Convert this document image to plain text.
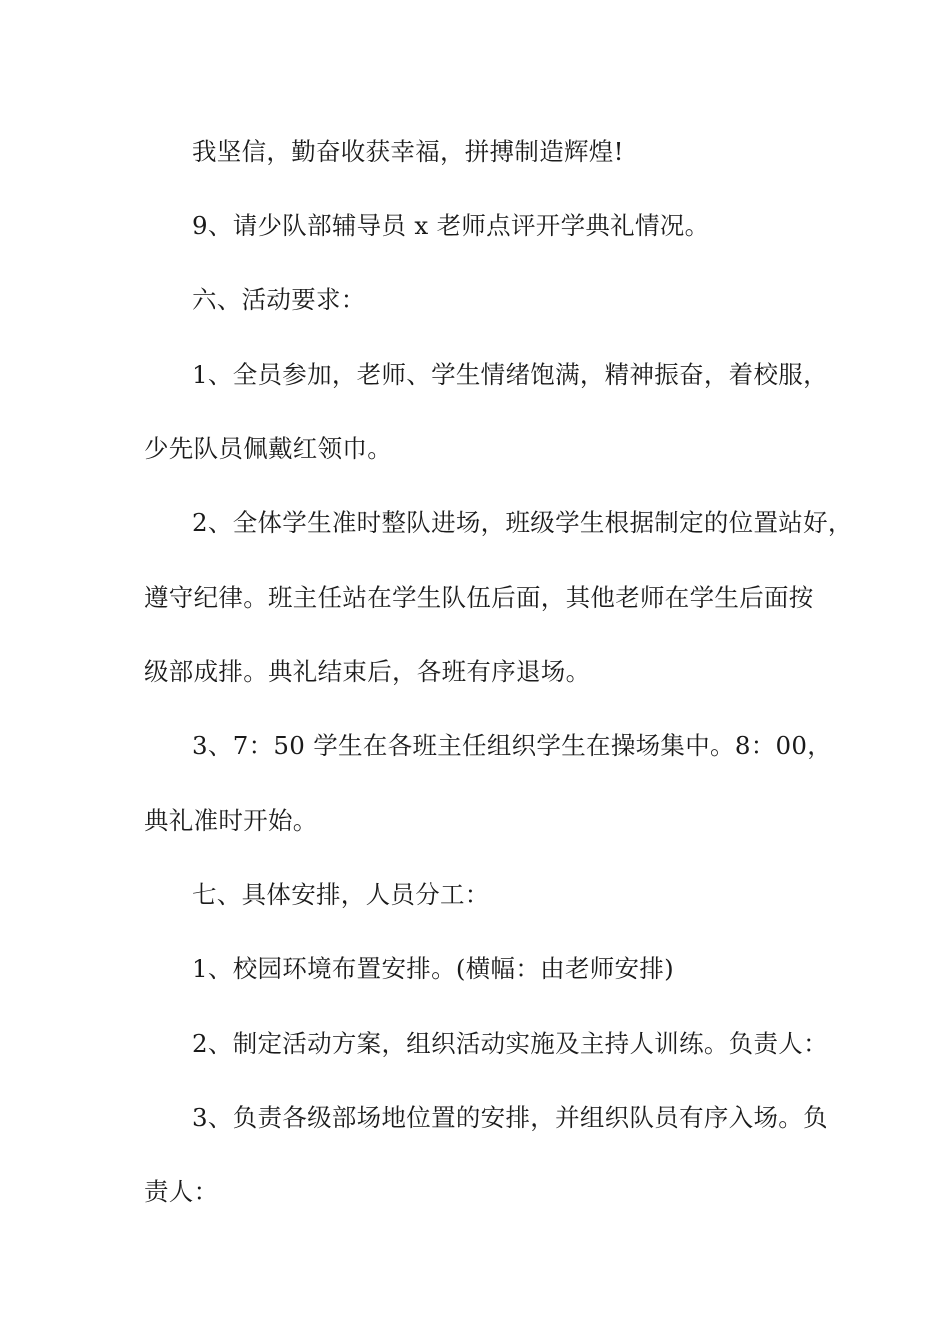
我坚信，勤奋收获幸福，拼搏制造辉煌!
9、请少队部辅导员 x 老师点评开学典礼情况。
六、活动要求：
1、全员参加，老师、学生情绪饱满，精神振奋，着校服，
少先队员佩戴红领巾。
2、全体学生准时整队进场，班级学生根据制定的位置站好，
遵守纪律。班主任站在学生队伍后面，其他老师在学生后面按
级部成排。典礼结束后，各班有序退场。
3、7：50 学生在各班主任组织学生在操场集中。8：00，
典礼准时开始。
七、具体安排，人员分工：
1、校园环境布置安排。(横幅：由老师安排)
2、制定活动方案，组织活动实施及主持人训练。负责人：
3、负责各级部场地位置的安排，并组织队员有序入场。负
责人：
